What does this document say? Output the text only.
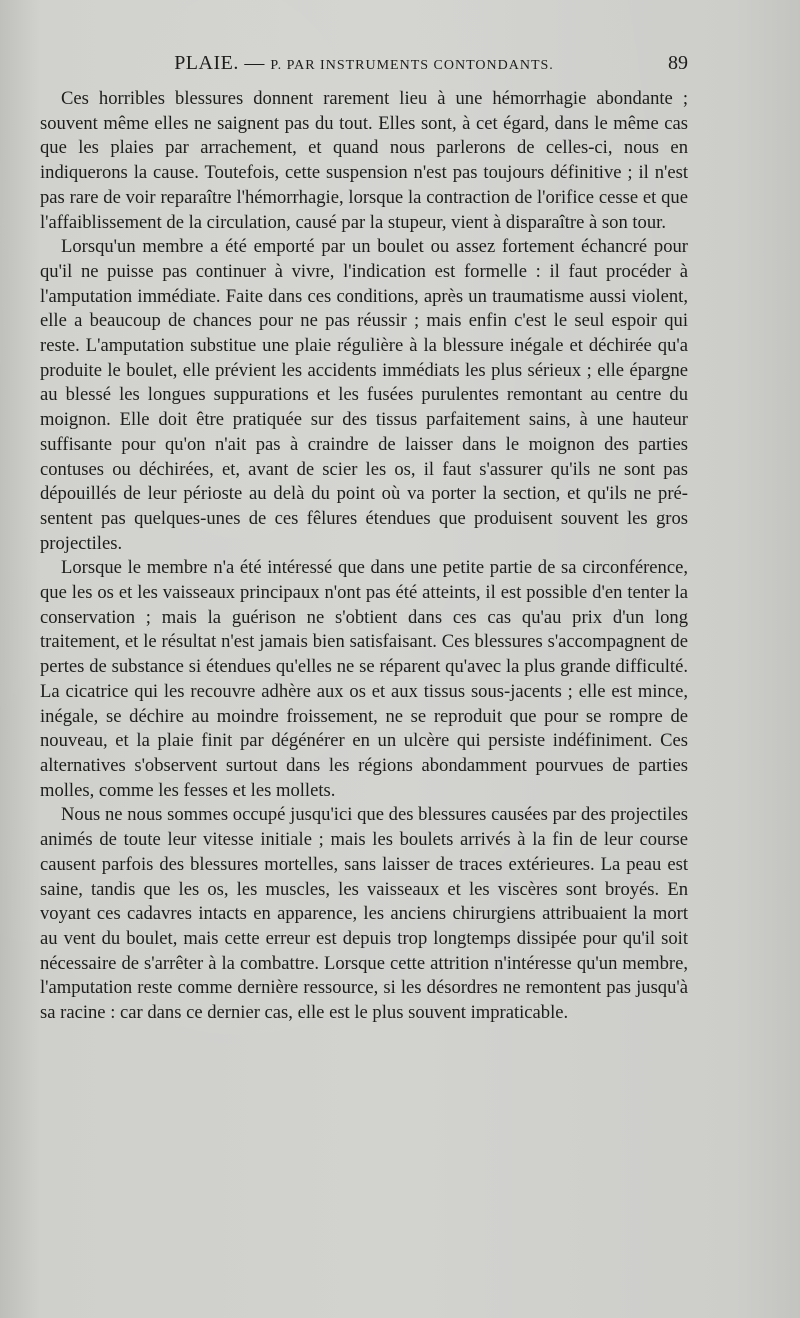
PLAIE. — P. PAR INSTRUMENTS CONTONDANTS.	89

Ces horribles blessures donnent rarement lieu à une hémorrhagie abondante ; souvent même elles ne saignent pas du tout. Elles sont, à cet égard, dans le même cas que les plaies par arrachement, et quand nous parlerons de celles-ci, nous en indiquerons la cause. Toutefois, cette suspension n'est pas toujours définitive ; il n'est pas rare de voir reparaître l'hémorrhagie, lorsque la contraction de l'orifice cesse et que l'affaiblissement de la circulation, causé par la stupeur, vient à disparaître à son tour.

Lorsqu'un membre a été emporté par un boulet ou assez fortement échancré pour qu'il ne puisse pas continuer à vivre, l'indication est formelle : il faut procéder à l'amputation immédiate. Faite dans ces conditions, après un traumatisme aussi violent, elle a beaucoup de chances pour ne pas réussir ; mais enfin c'est le seul espoir qui reste. L'amputation substitue une plaie régulière à la blessure inégale et déchirée qu'a produite le boulet, elle prévient les accidents immédiats les plus sérieux ; elle épargne au blessé les longues suppurations et les fusées purulentes remontant au centre du moignon. Elle doit être pratiquée sur des tissus parfaitement sains, à une hauteur suffisante pour qu'on n'ait pas à craindre de laisser dans le moignon des parties contuses ou déchirées, et, avant de scier les os, il faut s'assurer qu'ils ne sont pas dépouillés de leur périoste au delà du point où va porter la section, et qu'ils ne présentent pas quelques-unes de ces fêlures étendues que produisent souvent les gros projectiles.

Lorsque le membre n'a été intéressé que dans une petite partie de sa circonférence, que les os et les vaisseaux principaux n'ont pas été atteints, il est possible d'en tenter la conservation ; mais la guérison ne s'obtient dans ces cas qu'au prix d'un long traitement, et le résultat n'est jamais bien satisfaisant. Ces blessures s'accompagnent de pertes de substance si étendues qu'elles ne se réparent qu'avec la plus grande difficulté. La cicatrice qui les recouvre adhère aux os et aux tissus sous-jacents ; elle est mince, inégale, se déchire au moindre froissement, ne se reproduit que pour se rompre de nouveau, et la plaie finit par dégénérer en un ulcère qui persiste indéfiniment. Ces alternatives s'observent surtout dans les régions abondamment pourvues de parties molles, comme les fesses et les mollets.

Nous ne nous sommes occupé jusqu'ici que des blessures causées par des projectiles animés de toute leur vitesse initiale ; mais les boulets arrivés à la fin de leur course causent parfois des blessures mortelles, sans laisser de traces extérieures. La peau est saine, tandis que les os, les muscles, les vaisseaux et les viscères sont broyés. En voyant ces cadavres intacts en apparence, les anciens chirurgiens attribuaient la mort au vent du boulet, mais cette erreur est depuis trop longtemps dissipée pour qu'il soit nécessaire de s'arrêter à la combattre. Lorsque cette attrition n'intéresse qu'un membre, l'amputation reste comme dernière ressource, si les désordres ne remontent pas jusqu'à sa racine : car dans ce dernier cas, elle est le plus souvent impraticable.
